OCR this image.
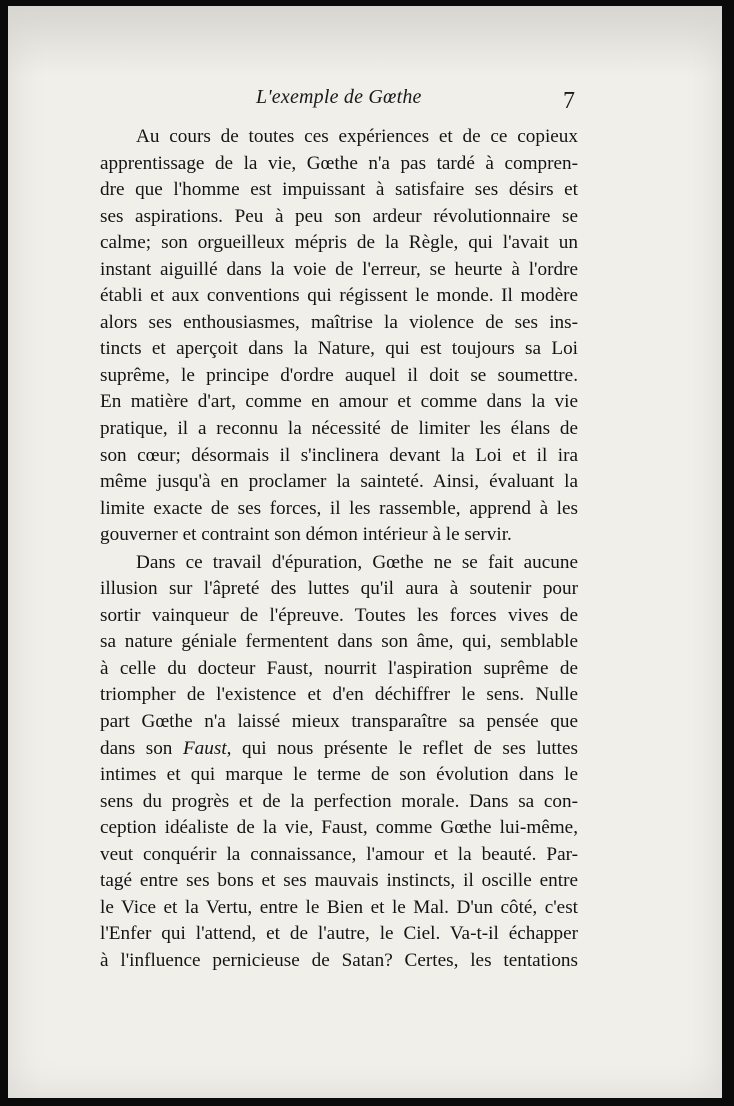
L'exemple de Gœthe	7
Au cours de toutes ces expériences et de ce copieux
apprentissage de la vie, Gœthe n'a pas tardé à compren-
dre que l'homme est impuissant à satisfaire ses désirs et
ses aspirations. Peu à peu son ardeur révolutionnaire se
calme; son orgueilleux mépris de la Règle, qui l'avait un
instant aiguillé dans la voie de l'erreur, se heurte à l'ordre
établi et aux conventions qui régissent le monde. Il modère
alors ses enthousiasmes, maîtrise la violence de ses ins-
tincts et aperçoit dans la Nature, qui est toujours sa Loi
suprême, le principe d'ordre auquel il doit se soumettre.
En matière d'art, comme en amour et comme dans la vie
pratique, il a reconnu la nécessité de limiter les élans de
son cœur; désormais il s'inclinera devant la Loi et il ira
même jusqu'à en proclamer la sainteté. Ainsi, évaluant la
limite exacte de ses forces, il les rassemble, apprend à les
gouverner et contraint son démon intérieur à le servir.
Dans ce travail d'épuration, Gœthe ne se fait aucune
illusion sur l'âpreté des luttes qu'il aura à soutenir pour
sortir vainqueur de l'épreuve. Toutes les forces vives de
sa nature géniale fermentent dans son âme, qui, semblable
à celle du docteur Faust, nourrit l'aspiration suprême de
triompher de l'existence et d'en déchiffrer le sens. Nulle
part Gœthe n'a laissé mieux transparaître sa pensée que
dans son Faust, qui nous présente le reflet de ses luttes
intimes et qui marque le terme de son évolution dans le
sens du progrès et de la perfection morale. Dans sa con-
ception idéaliste de la vie, Faust, comme Gœthe lui-même,
veut conquérir la connaissance, l'amour et la beauté. Par-
tagé entre ses bons et ses mauvais instincts, il oscille entre
le Vice et la Vertu, entre le Bien et le Mal. D'un côté, c'est
l'Enfer qui l'attend, et de l'autre, le Ciel. Va-t-il échapper
à l'influence pernicieuse de Satan? Certes, les tentations
